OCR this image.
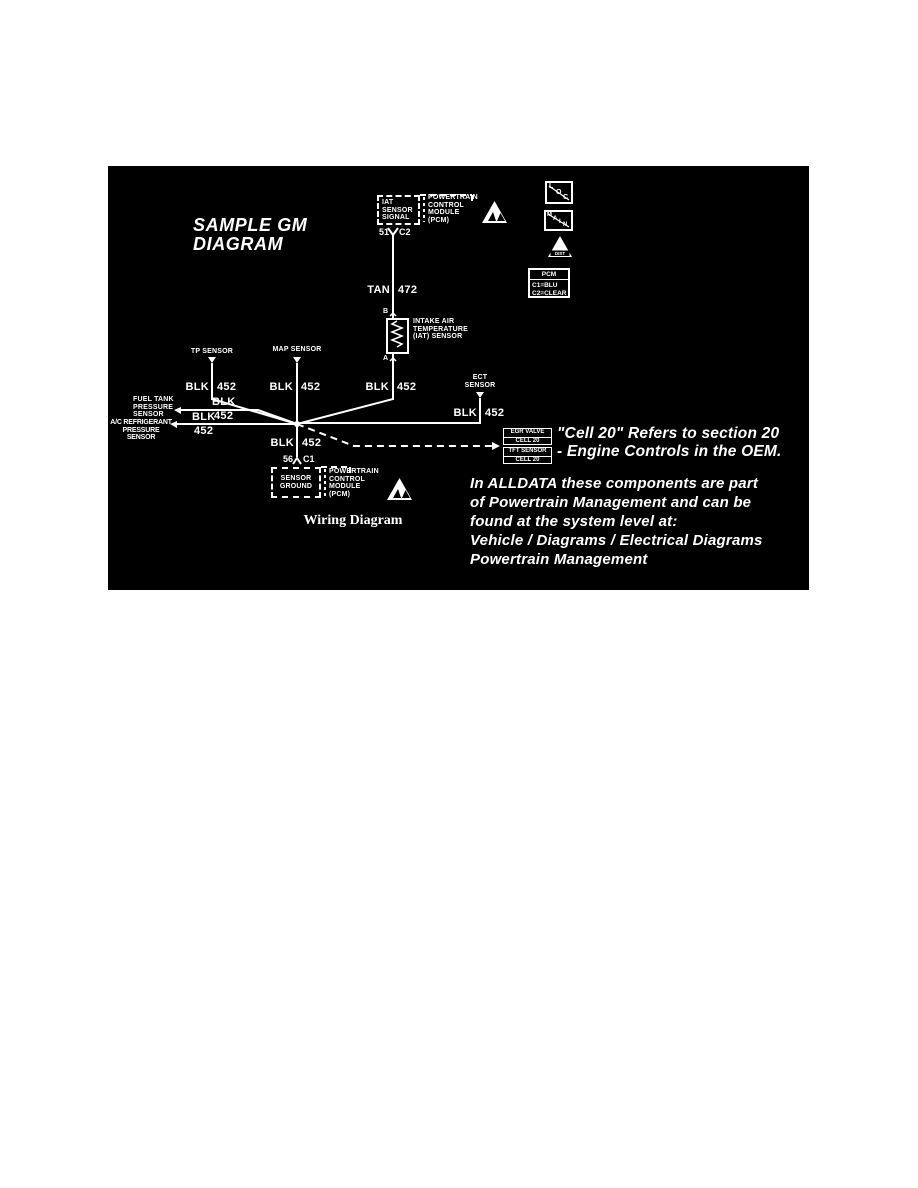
SAMPLE GM
DIAGRAM
IAT
SENSOR
SIGNAL
POWERTRAIN
CONTROL
MODULE (PCM)
51 C2
TAN 472
B
A
INTAKE AIR
TEMPERATURE
(IAT) SENSOR
TP SENSOR	MAP SENSOR
ECT
SENSOR
FUEL TANK
PRESSURE
SENSOR
A/C REFRIGERANT
PRESSURE
SENSOR
BLK 452	BLK 452	BLK 452
BLK 452
BLK
452
BLK
452
BLK 452
56 C1
SENSOR
GROUND
POWERTRAIN
CONTROL
MODULE (PCM)
Wiring Diagram
L
O
C
M
A I N
DIST
PCM
C1=BLU
C2=CLEAR
EGR VALVE
CELL 20
TFT SENSOR
CELL 20
"Cell 20" Refers to section 20
- Engine Controls in the OEM.
In ALLDATA these components are part
of Powertrain Management and can be
found at the system level at:
Vehicle / Diagrams / Electrical Diagrams
Powertrain Management
